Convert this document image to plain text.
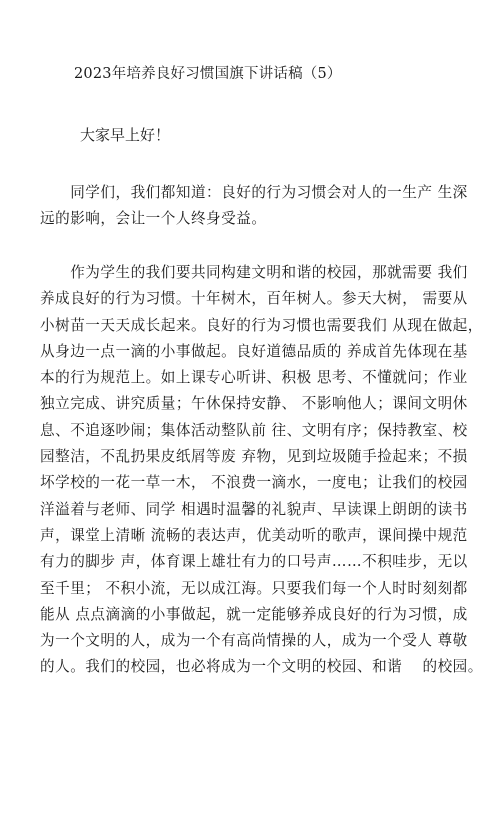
2023年培养良好习惯国旗下讲话稿（5）
大家早上好！
　　同学们，我们都知道：良好的行为习惯会对人的一生产 生深
远的影响，会让一个人终身受益。
　　作为学生的我们要共同构建文明和谐的校园，那就需要 我们
养成良好的行为习惯。十年树木，百年树人。参天大树， 需要从
小树苗一天天成长起来。良好的行为习惯也需要我们 从现在做起，
从身边一点一滴的小事做起。良好道德品质的 养成首先体现在基
本的行为规范上。如上课专心听讲、积极 思考、不懂就问；作业
独立完成、讲究质量；午休保持安静、 不影响他人；课间文明休
息、不追逐吵闹；集体活动整队前 往、文明有序；保持教室、校
园整洁，不乱扔果皮纸屑等废 弃物，见到垃圾随手捡起来；不损
坏学校的一花一草一木， 不浪费一滴水，一度电；让我们的校园
洋溢着与老师、同学 相遇时温馨的礼貌声、早读课上朗朗的读书
声，课堂上清晰 流畅的表达声，优美动听的歌声，课间操中规范
有力的脚步 声，体育课上雄壮有力的口号声……不积哇步，无以
至千里； 不积小流，无以成江海。只要我们每一个人时时刻刻都
能从 点点滴滴的小事做起，就一定能够养成良好的行为习惯，成
为一个文明的人，成为一个有高尚情操的人，成为一个受人 尊敬
的人。我们的校园，也必将成为一个文明的校园、和谐　 的校园。
